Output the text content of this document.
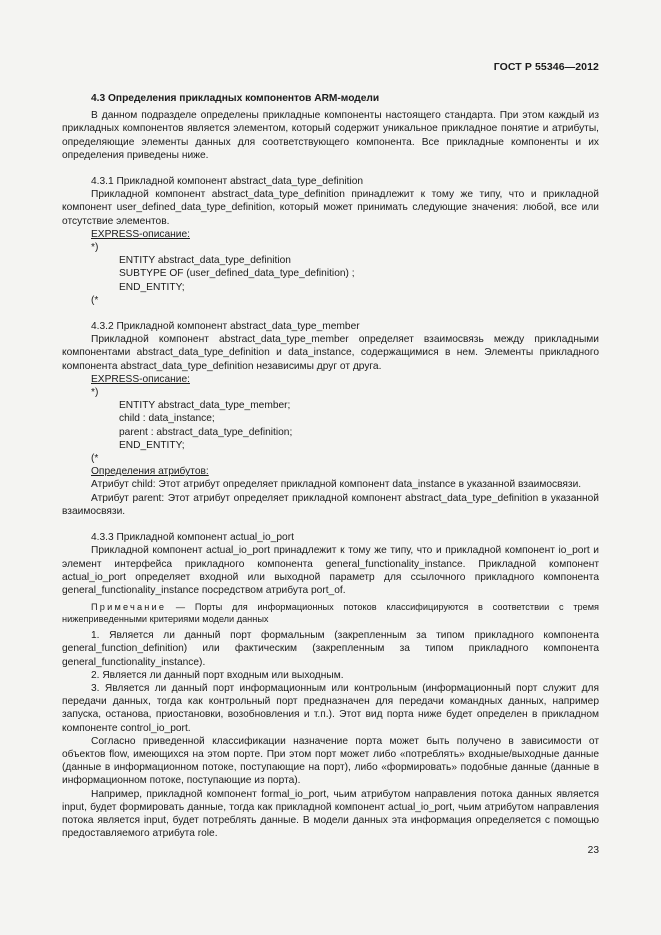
ГОСТ Р 55346—2012

4.3 Определения прикладных компонентов ARM-модели

В данном подразделе определены прикладные компоненты настоящего стандарта. При этом каждый из прикладных компонентов является элементом, который содержит уникальное прикладное понятие и атрибуты, определяющие элементы данных для соответствующего компонента. Все прикладные компоненты и их определения приведены ниже.

4.3.1 Прикладной компонент abstract_data_type_definition

Прикладной компонент abstract_data_type_definition принадлежит к тому же типу, что и прикладной компонент user_defined_data_type_definition, который может принимать следующие значения: любой, все или отсутствие элементов.

EXPRESS-описание:

*)

ENTITY abstract_data_type_definition

SUBTYPE OF (user_defined_data_type_definition) ;

END_ENTITY;

(*

4.3.2 Прикладной компонент abstract_data_type_member

Прикладной компонент abstract_data_type_member определяет взаимосвязь между прикладными компонентами abstract_data_type_definition и data_instance, содержащимися в нем. Элементы прикладного компонента abstract_data_type_definition независимы друг от друга.

EXPRESS-описание:

*)

ENTITY abstract_data_type_member;

child : data_instance;

parent : abstract_data_type_definition;

END_ENTITY;

(*

Определения атрибутов:

Атрибут child: Этот атрибут определяет прикладной компонент data_instance в указанной взаимосвязи.

Атрибут parent: Этот атрибут определяет прикладной компонент abstract_data_type_definition в указанной взаимосвязи.

4.3.3 Прикладной компонент actual_io_port

Прикладной компонент actual_io_port принадлежит к тому же типу, что и прикладной компонент io_port и элемент интерфейса прикладного компонента general_functionality_instance. Прикладной компонент actual_io_port определяет входной или выходной параметр для ссылочного прикладного компонента general_functionality_instance посредством атрибута port_of.

Примечание — Порты для информационных потоков классифицируются в соответствии с тремя нижеприведенными критериями модели данных

1. Является ли данный порт формальным (закрепленным за типом прикладного компонента general_function_definition) или фактическим (закрепленным за типом прикладного компонента general_functionality_instance).

2. Является ли данный порт входным или выходным.

3. Является ли данный порт информационным или контрольным (информационный порт служит для передачи данных, тогда как контрольный порт предназначен для передачи командных данных, например запуска, останова, приостановки, возобновления и т.п.). Этот вид порта ниже будет определен в прикладном компоненте control_io_port.

Согласно приведенной классификации назначение порта может быть получено в зависимости от объектов flow, имеющихся на этом порте. При этом порт может либо «потреблять» входные/выходные данные (данные в информационном потоке, поступающие на порт), либо «формировать» подобные данные (данные в информационном потоке, поступающие из порта).

Например, прикладной компонент formal_io_port, чьим атрибутом направления потока данных является input, будет формировать данные, тогда как прикладной компонент actual_io_port, чьим атрибутом направления потока является input, будет потреблять данные. В модели данных эта информация определяется с помощью предоставляемого атрибута role.

23
